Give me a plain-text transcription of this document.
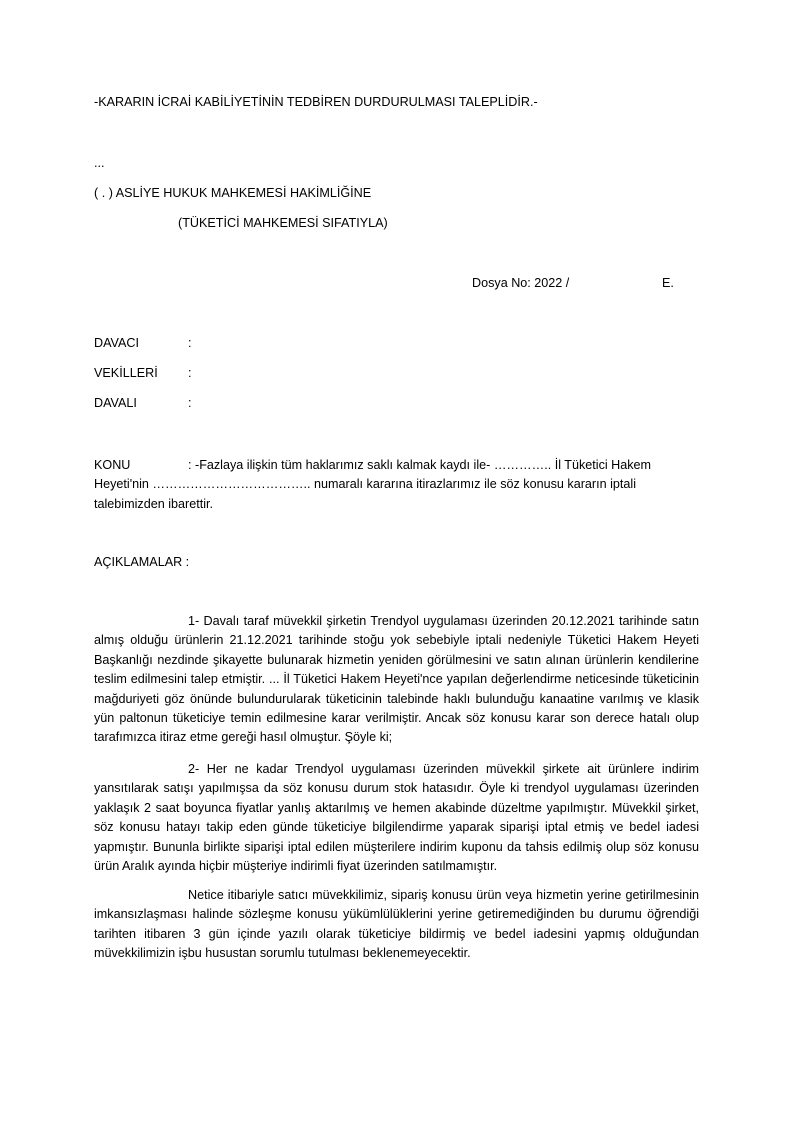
-KARARIN İCRAİ KABİLİYETİNİN TEDBİREN DURDURULMASI TALEPLİDİR.-
...
( . ) ASLİYE HUKUK MAHKEMESİ HAKİMLİĞİNE
(TÜKETİCİ MAHKEMESİ SIFATIYLA)
Dosya No: 2022 /	E.
DAVACI	:
VEKİLLERİ :
DAVALI	:
KONU	: -Fazlaya ilişkin tüm haklarımız saklı kalmak kaydı ile- ………….. İl Tüketici Hakem Heyeti'nin ……………………………….. numaralı kararına itirazlarımız ile söz konusu kararın iptali talebimizden ibarettir.
AÇIKLAMALAR :
1- Davalı taraf müvekkil şirketin Trendyol uygulaması üzerinden 20.12.2021 tarihinde satın almış olduğu ürünlerin 21.12.2021 tarihinde stoğu yok sebebiyle iptali nedeniyle Tüketici Hakem Heyeti Başkanlığı nezdinde şikayette bulunarak hizmetin yeniden görülmesini ve satın alınan ürünlerin kendilerine teslim edilmesini talep etmiştir. ... İl Tüketici Hakem Heyeti'nce yapılan değerlendirme neticesinde tüketicinin mağduriyeti göz önünde bulundurularak tüketicinin talebinde haklı bulunduğu kanaatine varılmış ve klasik yün paltonun tüketiciye temin edilmesine karar verilmiştir. Ancak söz konusu karar son derece hatalı olup tarafımızca itiraz etme gereği hasıl olmuştur. Şöyle ki;
2- Her ne kadar Trendyol uygulaması üzerinden müvekkil şirkete ait ürünlere indirim yansıtılarak satışı yapılmışsa da söz konusu durum stok hatasıdır. Öyle ki trendyol uygulaması üzerinden yaklaşık 2 saat boyunca fiyatlar yanlış aktarılmış ve hemen akabinde düzeltme yapılmıştır. Müvekkil şirket, söz konusu hatayı takip eden günde tüketiciye bilgilendirme yaparak siparişi iptal etmiş ve bedel iadesi yapmıştır. Bununla birlikte siparişi iptal edilen müşterilere indirim kuponu da tahsis edilmiş olup söz konusu ürün Aralık ayında hiçbir müşteriye indirimli fiyat üzerinden satılmamıştır.
Netice itibariyle satıcı müvekkilimiz, sipariş konusu ürün veya hizmetin yerine getirilmesinin imkansızlaşması halinde sözleşme konusu yükümlülüklerini yerine getiremediğinden bu durumu öğrendiği tarihten itibaren 3 gün içinde yazılı olarak tüketiciye bildirmiş ve bedel iadesini yapmış olduğundan müvekkilimizin işbu husustan sorumlu tutulması beklenemeyecektir.
